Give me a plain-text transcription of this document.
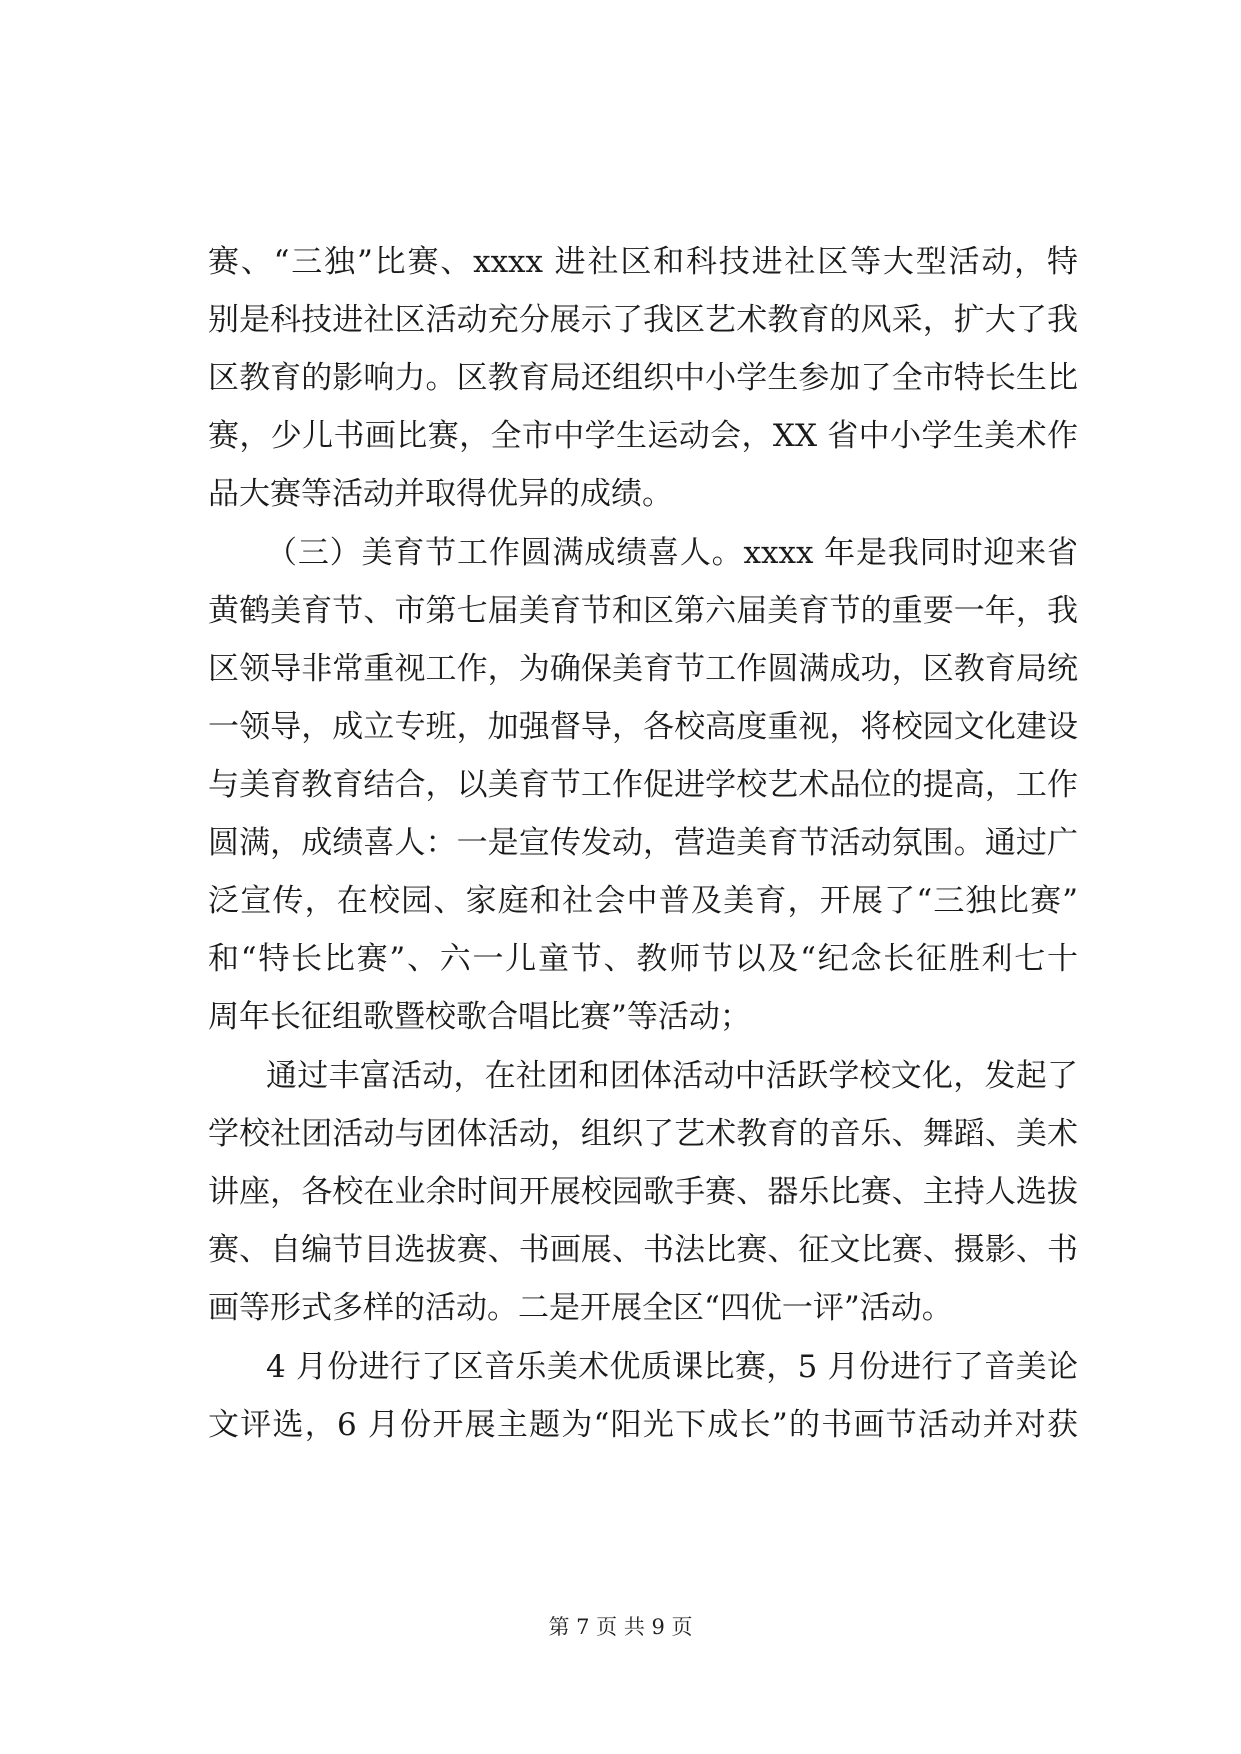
赛、“三独”比赛、xxxx 进社区和科技进社区等大型活动，特
别是科技进社区活动充分展示了我区艺术教育的风采，扩大了我
区教育的影响力。区教育局还组织中小学生参加了全市特长生比
赛，少儿书画比赛，全市中学生运动会，XX 省中小学生美术作
品大赛等活动并取得优异的成绩。
（三）美育节工作圆满成绩喜人。xxxx 年是我同时迎来省
黄鹤美育节、市第七届美育节和区第六届美育节的重要一年，我
区领导非常重视工作，为确保美育节工作圆满成功，区教育局统
一领导，成立专班，加强督导，各校高度重视，将校园文化建设
与美育教育结合，以美育节工作促进学校艺术品位的提高，工作
圆满，成绩喜人：一是宣传发动，营造美育节活动氛围。通过广
泛宣传，在校园、家庭和社会中普及美育，开展了“三独比赛”
和“特长比赛”、六一儿童节、教师节以及“纪念长征胜利七十
周年长征组歌暨校歌合唱比赛”等活动；
通过丰富活动，在社团和团体活动中活跃学校文化，发起了
学校社团活动与团体活动，组织了艺术教育的音乐、舞蹈、美术
讲座，各校在业余时间开展校园歌手赛、器乐比赛、主持人选拔
赛、自编节目选拔赛、书画展、书法比赛、征文比赛、摄影、书
画等形式多样的活动。二是开展全区“四优一评”活动。
4 月份进行了区音乐美术优质课比赛，5 月份进行了音美论
文评选，6 月份开展主题为“阳光下成长”的书画节活动并对获
第 7 页 共 9 页
